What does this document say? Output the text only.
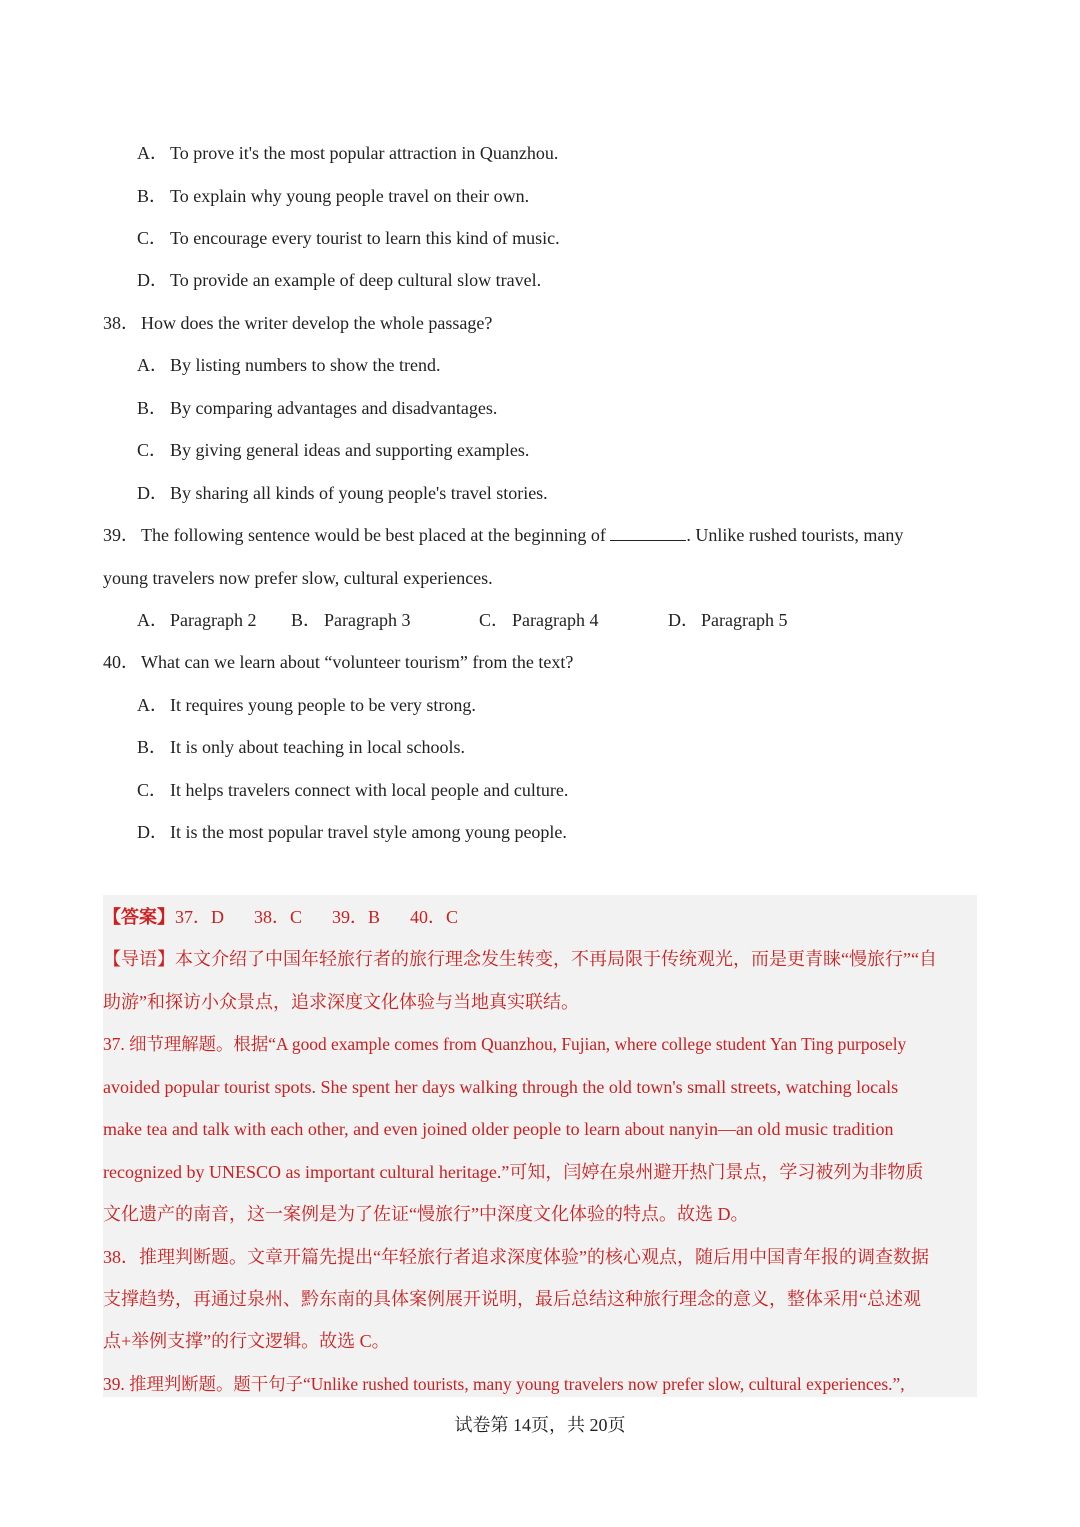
A． To prove it's the most popular attraction in Quanzhou.
B． To explain why young people travel on their own.
C． To encourage every tourist to learn this kind of music.
D． To provide an example of deep cultural slow travel.
38． How does the writer develop the whole passage?
A． By listing numbers to show the trend.
B． By comparing advantages and disadvantages.
C． By giving general ideas and supporting examples.
D． By sharing all kinds of young people's travel stories.
39． The following sentence would be best placed at the beginning of	. Unlike rushed tourists, many
young travelers now prefer slow, cultural experiences.

A． Paragraph 2

B． Paragraph 3

	C． Paragraph 4

	D． Paragraph 5

40． What can we learn about “volunteer tourism” from the text?
A． It requires young people to be very strong.
B． It is only about teaching in local schools.
C． It helps travelers connect with local people and culture.
D． It is the most popular travel style among young people.
【答案】37．D 38．C 39．B 40．C
【导语】本文介绍了中国年轻旅行者的旅行理念发生转变，不再局限于传统观光，而是更青睐“慢旅行”“自
助游”和探访小众景点，追求深度文化体验与当地真实联结。
37. 细节理解题。根据“A good example comes from Quanzhou, Fujian, where college student Yan Ting purposely
avoided popular tourist spots. She spent her days walking through the old town's small streets, watching locals
make tea and talk with each other, and even joined older people to learn about nanyin—an old music tradition
recognized by UNESCO as important cultural heritage.”可知，闫婷在泉州避开热门景点，学习被列为非物质
文化遗产的南音，这一案例是为了佐证“慢旅行”中深度文化体验的特点。故选 D。
38．推理判断题。文章开篇先提出“年轻旅行者追求深度体验”的核心观点，随后用中国青年报的调查数据
支撑趋势，再通过泉州、黔东南的具体案例展开说明，最后总结这种旅行理念的意义，整体采用“总述观
点+举例支撑”的行文逻辑。故选 C。
39. 推理判断题。题干句子“Unlike rushed tourists, many young travelers now prefer slow, cultural experiences.”,
试卷第 14页，共 20页
